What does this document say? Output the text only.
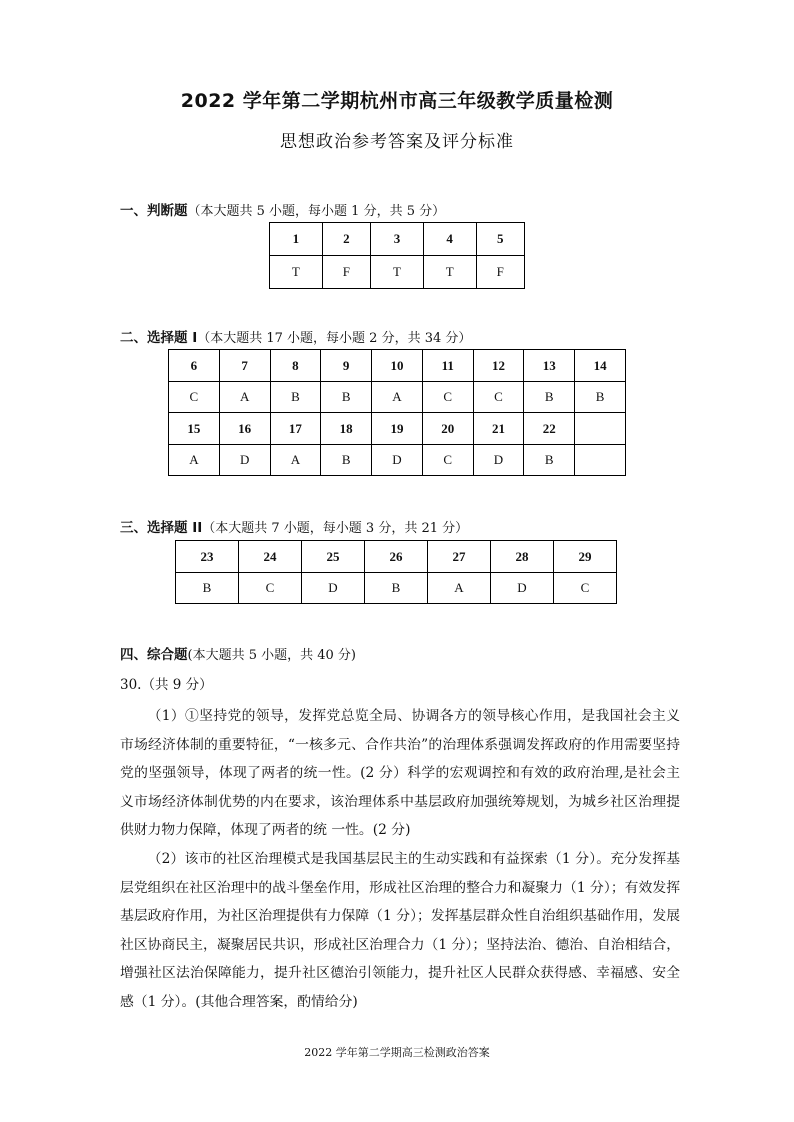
2022 学年第二学期杭州市高三年级教学质量检测
思想政治参考答案及评分标准
一、判断题（本大题共 5 小题，每小题 1 分，共 5 分）
1	2	3	4	5
T	F	T	T	F
二、选择题 I（本大题共 17 小题，每小题 2 分，共 34 分）
6	7	8	9	10	11	12	13	14
C	A	B	B	A	C	C	B	B
15	16	17	18	19	20	21	22	
A	D	A	B	D	C	D	B	
三、选择题 II（本大题共 7 小题，每小题 3 分，共 21 分）
23	24	25	26	27	28	29
B	C	D	B	A	D	C
四、综合题(本大题共 5 小题，共 40 分)
30.（共 9 分）

（1）①坚持党的领导，发挥党总览全局、协调各方的领导核心作用，是我国社会主义市场经济体制的重要特征，“一核多元、合作共治”的治理体系强调发挥政府的作用需要坚持党的坚强领导，体现了两者的统一性。(2 分）科学的宏观调控和有效的政府治理,是社会主义市场经济体制优势的内在要求，该治理体系中基层政府加强统筹规划，为城乡社区治理提供财力物力保障，体现了两者的统 一性。(2 分)

（2）该市的社区治理模式是我国基层民主的生动实践和有益探索（1 分）。充分发挥基层党组织在社区治理中的战斗堡垒作用，形成社区治理的整合力和凝聚力（1 分）；有效发挥基层政府作用，为社区治理提供有力保障（1 分）；发挥基层群众性自治组织基础作用，发展社区协商民主，凝聚居民共识，形成社区治理合力（1 分）；坚持法治、德治、自治相结合，增强社区法治保障能力，提升社区德治引领能力，提升社区人民群众获得感、幸福感、安全感（1 分）。(其他合理答案，酌情给分)

2022 学年第二学期高三检测政治答案
